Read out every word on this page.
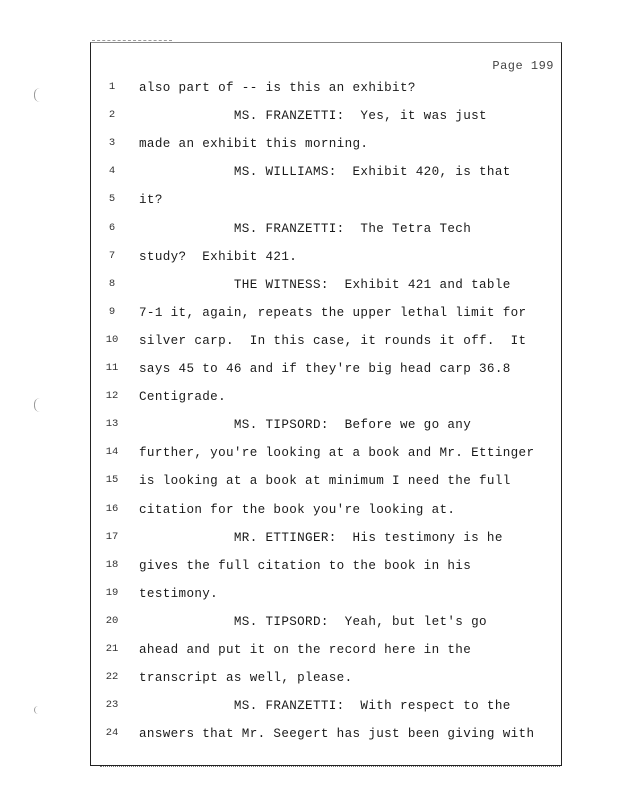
Page 199
1	also part of -- is this an exhibit?
2	MS. FRANZETTI:  Yes, it was just
3	made an exhibit this morning.
4	MS. WILLIAMS:  Exhibit 420, is that
5	it?
6	MS. FRANZETTI:  The Tetra Tech
7	study?  Exhibit 421.
8	THE WITNESS:  Exhibit 421 and table
9	7-1 it, again, repeats the upper lethal limit for
10	silver carp.  In this case, it rounds it off.  It
11	says 45 to 46 and if they're big head carp 36.8
12	Centigrade.
13	MS. TIPSORD:  Before we go any
14	further, you're looking at a book and Mr. Ettinger
15	is looking at a book at minimum I need the full
16	citation for the book you're looking at.
17	MR. ETTINGER:  His testimony is he
18	gives the full citation to the book in his
19	testimony.
20	MS. TIPSORD:  Yeah, but let's go
21	ahead and put it on the record here in the
22	transcript as well, please.
23	MS. FRANZETTI:  With respect to the
24	answers that Mr. Seegert has just been giving with
